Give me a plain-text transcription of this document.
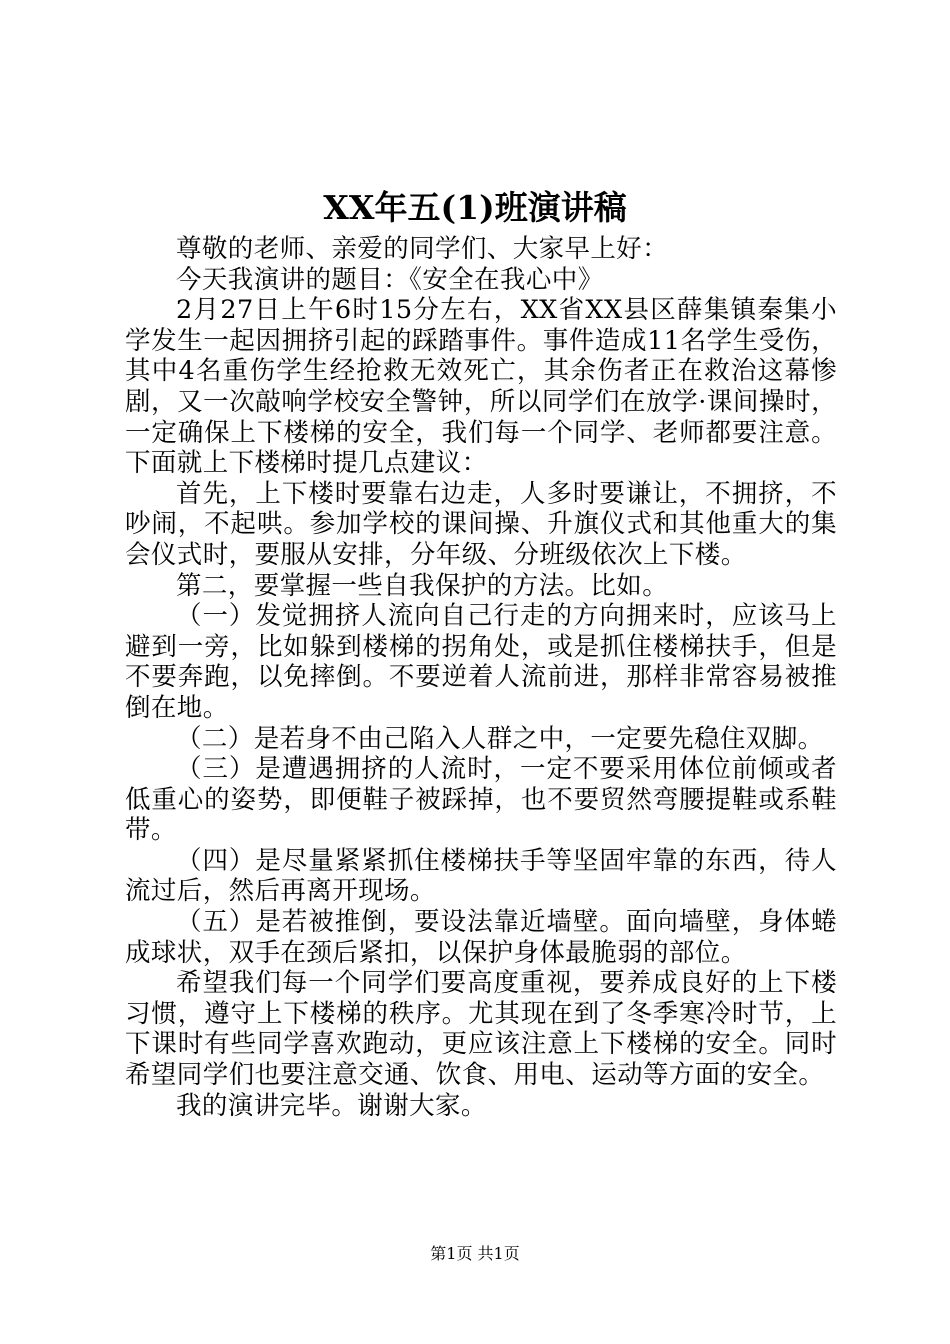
XX年五(1)班演讲稿

尊敬的老师、亲爱的同学们、大家早上好：

今天我演讲的题目：《安全在我心中》

2月27日上午6时15分左右，XX省XX县区薛集镇秦集小学发生一起因拥挤引起的踩踏事件。事件造成11名学生受伤，其中4名重伤学生经抢救无效死亡，其余伤者正在救治这幕惨剧，又一次敲响学校安全警钟，所以同学们在放学·课间操时，一定确保上下楼梯的安全，我们每一个同学、老师都要注意。下面就上下楼梯时提几点建议：

首先，上下楼时要靠右边走，人多时要谦让，不拥挤，不吵闹，不起哄。参加学校的课间操、升旗仪式和其他重大的集会仪式时，要服从安排，分年级、分班级依次上下楼。

第二，要掌握一些自我保护的方法。比如。

（一）发觉拥挤人流向自己行走的方向拥来时，应该马上避到一旁，比如躲到楼梯的拐角处，或是抓住楼梯扶手，但是不要奔跑，以免摔倒。不要逆着人流前进，那样非常容易被推倒在地。

（二）是若身不由己陷入人群之中，一定要先稳住双脚。

（三）是遭遇拥挤的人流时，一定不要采用体位前倾或者低重心的姿势，即便鞋子被踩掉，也不要贸然弯腰提鞋或系鞋带。

（四）是尽量紧紧抓住楼梯扶手等坚固牢靠的东西，待人流过后，然后再离开现场。

（五）是若被推倒，要设法靠近墙壁。面向墙壁，身体蜷成球状，双手在颈后紧扣，以保护身体最脆弱的部位。

希望我们每一个同学们要高度重视，要养成良好的上下楼习惯，遵守上下楼梯的秩序。尤其现在到了冬季寒冷时节，上下课时有些同学喜欢跑动，更应该注意上下楼梯的安全。同时希望同学们也要注意交通、饮食、用电、运动等方面的安全。

我的演讲完毕。谢谢大家。

第1页 共1页
